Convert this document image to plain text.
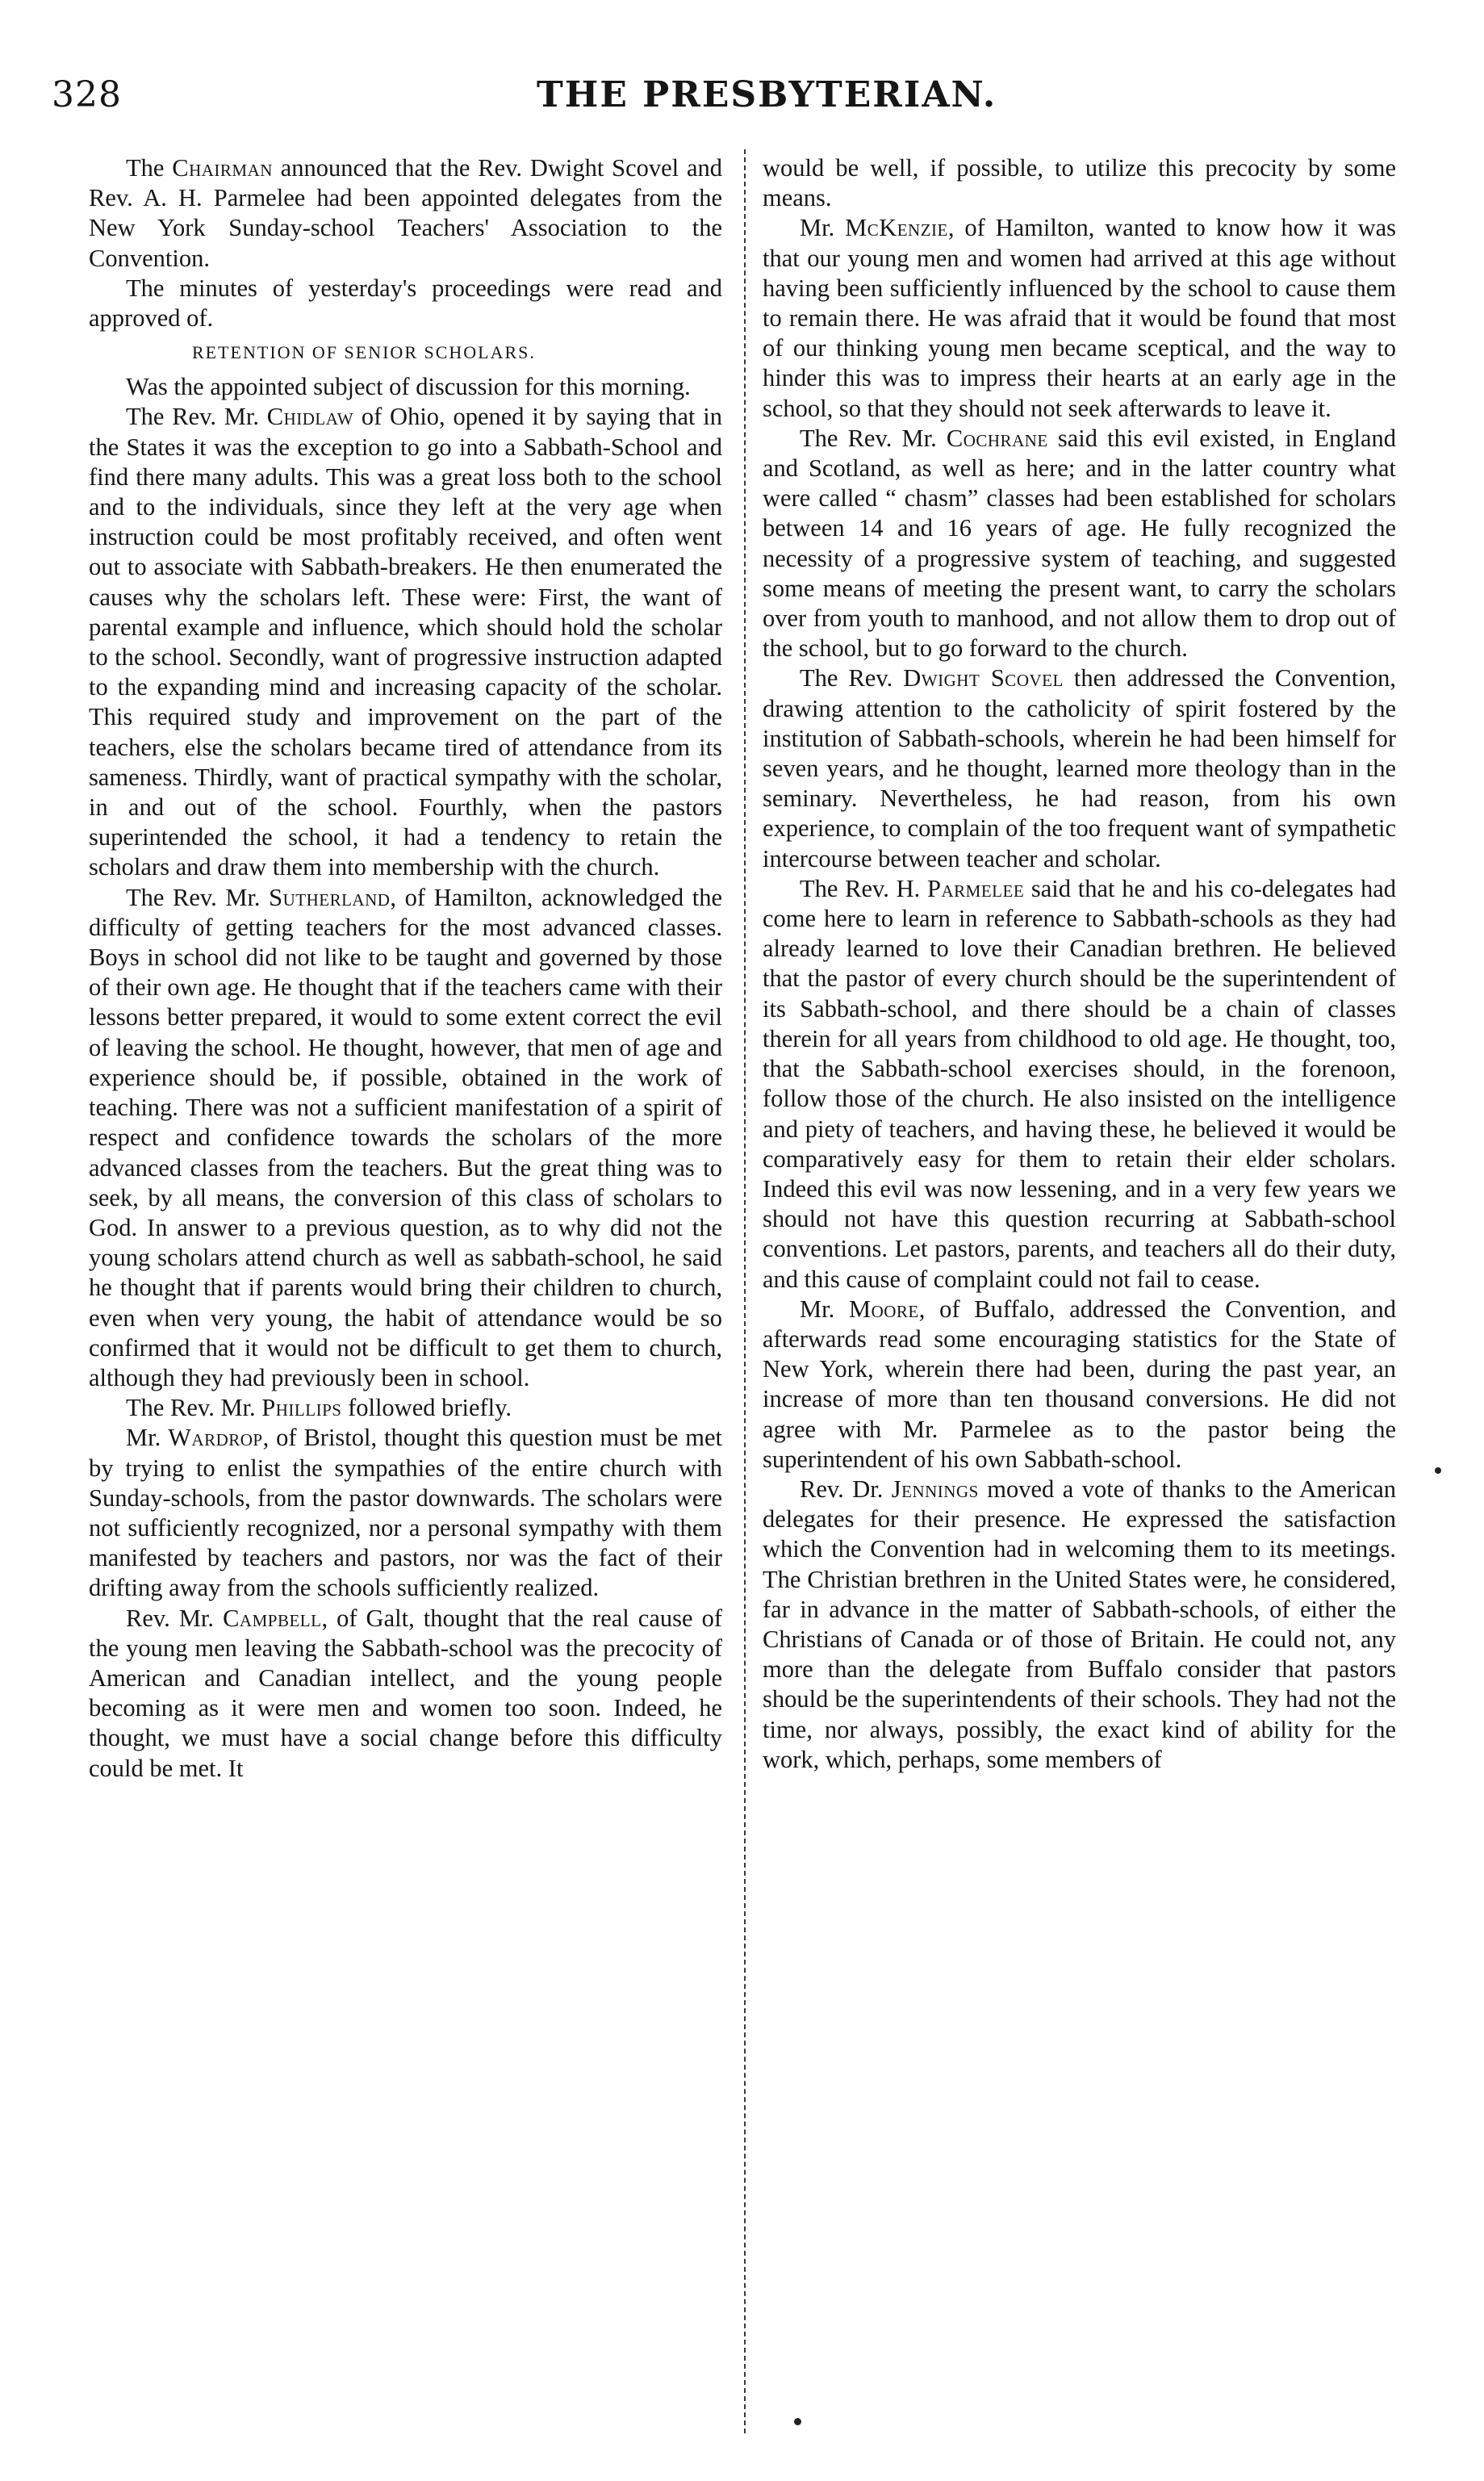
328	THE PRESBYTERIAN.

The Chairman announced that the Rev. Dwight Scovel and Rev. A. H. Parmelee had been appointed delegates from the New York Sunday-school Teachers' Association to the Convention.

The minutes of yesterday's proceedings were read and approved of.

RETENTION OF SENIOR SCHOLARS.

Was the appointed subject of discussion for this morning.

The Rev. Mr. Chidlaw of Ohio, opened it by saying that in the States it was the exception to go into a Sabbath-School and find there many adults. This was a great loss both to the school and to the individuals, since they left at the very age when instruction could be most profitably received, and often went out to associate with Sabbath-breakers. He then enumerated the causes why the scholars left. These were: First, the want of parental example and influence, which should hold the scholar to the school. Secondly, want of progressive instruction adapted to the expanding mind and increasing capacity of the scholar. This required study and improvement on the part of the teachers, else the scholars became tired of attendance from its sameness. Thirdly, want of practical sympathy with the scholar, in and out of the school. Fourthly, when the pastors superintended the school, it had a tendency to retain the scholars and draw them into membership with the church.

The Rev. Mr. Sutherland, of Hamilton, acknowledged the difficulty of getting teachers for the most advanced classes. Boys in school did not like to be taught and governed by those of their own age. He thought that if the teachers came with their lessons better prepared, it would to some extent correct the evil of leaving the school. He thought, however, that men of age and experience should be, if possible, obtained in the work of teaching. There was not a sufficient manifestation of a spirit of respect and confidence towards the scholars of the more advanced classes from the teachers. But the great thing was to seek, by all means, the conversion of this class of scholars to God. In answer to a previous question, as to why did not the young scholars attend church as well as sabbath-school, he said he thought that if parents would bring their children to church, even when very young, the habit of attendance would be so confirmed that it would not be difficult to get them to church, although they had previously been in school.

The Rev. Mr. Phillips followed briefly.

Mr. Wardrop, of Bristol, thought this question must be met by trying to enlist the sympathies of the entire church with Sunday-schools, from the pastor downwards. The scholars were not sufficiently recognized, nor a personal sympathy with them manifested by teachers and pastors, nor was the fact of their drifting away from the schools sufficiently realized.

Rev. Mr. Campbell, of Galt, thought that the real cause of the young men leaving the Sabbath-school was the precocity of American and Canadian intellect, and the young people becoming as it were men and women too soon. Indeed, he thought, we must have a social change before this difficulty could be met. It

would be well, if possible, to utilize this precocity by some means.

Mr. McKenzie, of Hamilton, wanted to know how it was that our young men and women had arrived at this age without having been sufficiently influenced by the school to cause them to remain there. He was afraid that it would be found that most of our thinking young men became sceptical, and the way to hinder this was to impress their hearts at an early age in the school, so that they should not seek afterwards to leave it.

The Rev. Mr. Cochrane said this evil existed, in England and Scotland, as well as here; and in the latter country what were called “ chasm” classes had been established for scholars between 14 and 16 years of age. He fully recognized the necessity of a progressive system of teaching, and suggested some means of meeting the present want, to carry the scholars over from youth to manhood, and not allow them to drop out of the school, but to go forward to the church.

The Rev. Dwight Scovel then addressed the Convention, drawing attention to the catholicity of spirit fostered by the institution of Sabbath-schools, wherein he had been himself for seven years, and he thought, learned more theology than in the seminary. Nevertheless, he had reason, from his own experience, to complain of the too frequent want of sympathetic intercourse between teacher and scholar.

The Rev. H. Parmelee said that he and his co-delegates had come here to learn in reference to Sabbath-schools as they had already learned to love their Canadian brethren. He believed that the pastor of every church should be the superintendent of its Sabbath-school, and there should be a chain of classes therein for all years from childhood to old age. He thought, too, that the Sabbath-school exercises should, in the forenoon, follow those of the church. He also insisted on the intelligence and piety of teachers, and having these, he believed it would be comparatively easy for them to retain their elder scholars. Indeed this evil was now lessening, and in a very few years we should not have this question recurring at Sabbath-school conventions. Let pastors, parents, and teachers all do their duty, and this cause of complaint could not fail to cease.

Mr. Moore, of Buffalo, addressed the Convention, and afterwards read some encouraging statistics for the State of New York, wherein there had been, during the past year, an increase of more than ten thousand conversions. He did not agree with Mr. Parmelee as to the pastor being the superintendent of his own Sabbath-school.

Rev. Dr. Jennings moved a vote of thanks to the American delegates for their presence. He expressed the satisfaction which the Convention had in welcoming them to its meetings. The Christian brethren in the United States were, he considered, far in advance in the matter of Sabbath-schools, of either the Christians of Canada or of those of Britain. He could not, any more than the delegate from Buffalo consider that pastors should be the superintendents of their schools. They had not the time, nor always, possibly, the exact kind of ability for the work, which, perhaps, some members of
